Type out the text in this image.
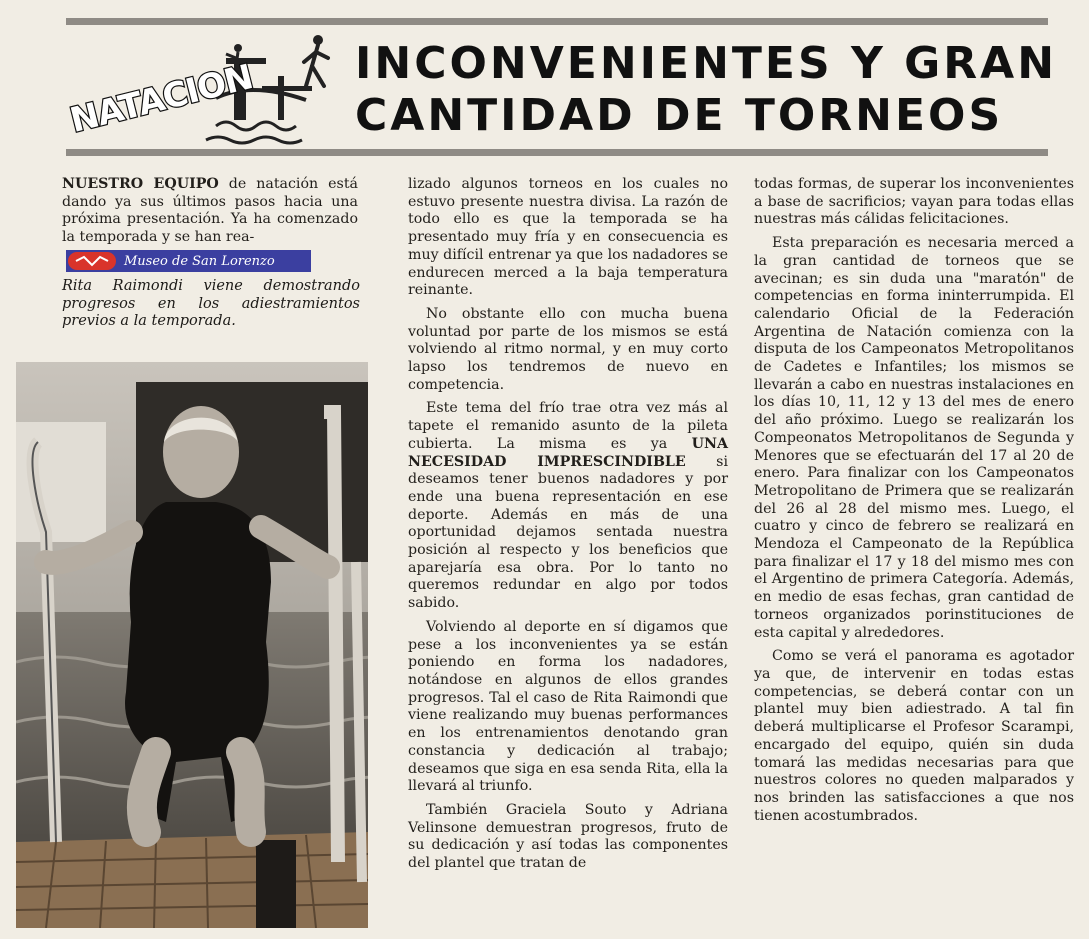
NATACION INCONVENIENTES Y GRAN
CANTIDAD DE TORNEOS
NUESTRO EQUIPO de natación está dando ya sus últimos pasos hacia una próxima presentación. Ya ha comenzado la temporada y se han rea-
Museo de San Lorenzo

Rita Raimondi viene demostrando progresos en los adiestramientos previos a la temporada.

lizado algunos torneos en los cuales no estuvo presente nuestra divisa. La razón de todo ello es que la temporada se ha presentado muy fría y en consecuencia es muy difícil entrenar ya que los nadadores se endurecen merced a la baja temperatura reinante.

No obstante ello con mucha buena voluntad por parte de los mismos se está volviendo al ritmo normal, y en muy corto lapso los tendremos de nuevo en competencia.

Este tema del frío trae otra vez más al tapete el remanido asunto de la pileta cubierta. La misma es ya UNA NECESIDAD IMPRESCINDIBLE si deseamos tener buenos nadadores y por ende una buena representación en ese deporte. Además en más de una oportunidad dejamos sentada nuestra posición al respecto y los beneficios que aparejaría esa obra. Por lo tanto no queremos redundar en algo por todos sabido.

Volviendo al deporte en sí digamos que pese a los inconvenientes ya se están poniendo en forma los nadadores, notándose en algunos de ellos grandes progresos. Tal el caso de Rita Raimondi que viene realizando muy buenas performances en los entrenamientos denotando gran constancia y dedicación al trabajo; deseamos que siga en esa senda Rita, ella la llevará al triunfo.

También Graciela Souto y Adriana Velinsone demuestran progresos, fruto de su dedicación y así todas las componentes del plantel que tratan de

todas formas, de superar los inconvenientes a base de sacrificios; vayan para todas ellas nuestras más cálidas felicitaciones.

Esta preparación es necesaria merced a la gran cantidad de torneos que se avecinan; es sin duda una "maratón" de competencias en forma ininterrumpida. El calendario Oficial de la Federación Argentina de Natación comienza con la disputa de los Campeonatos Metropolitanos de Cadetes e Infantiles; los mismos se llevarán a cabo en nuestras instalaciones en los días 10, 11, 12 y 13 del mes de enero del año próximo. Luego se realizarán los Compeonatos Metropolitanos de Segunda y Menores que se efectuarán del 17 al 20 de enero. Para finalizar con los Campeonatos Metropolitano de Primera que se realizarán del 26 al 28 del mismo mes. Luego, el cuatro y cinco de febrero se realizará en Mendoza el Campeonato de la República para finalizar el 17 y 18 del mismo mes con el Argentino de primera Categoría. Además, en medio de esas fechas, gran cantidad de torneos organizados porinstituciones de esta capital y alrededores.

Como se verá el panorama es agotador ya que, de intervenir en todas estas competencias, se deberá contar con un plantel muy bien adiestrado. A tal fin deberá multiplicarse el Profesor Scarampi, encargado del equipo, quién sin duda tomará las medidas necesarias para que nuestros colores no queden malparados y nos brinden las satisfacciones a que nos tienen acostumbrados.
